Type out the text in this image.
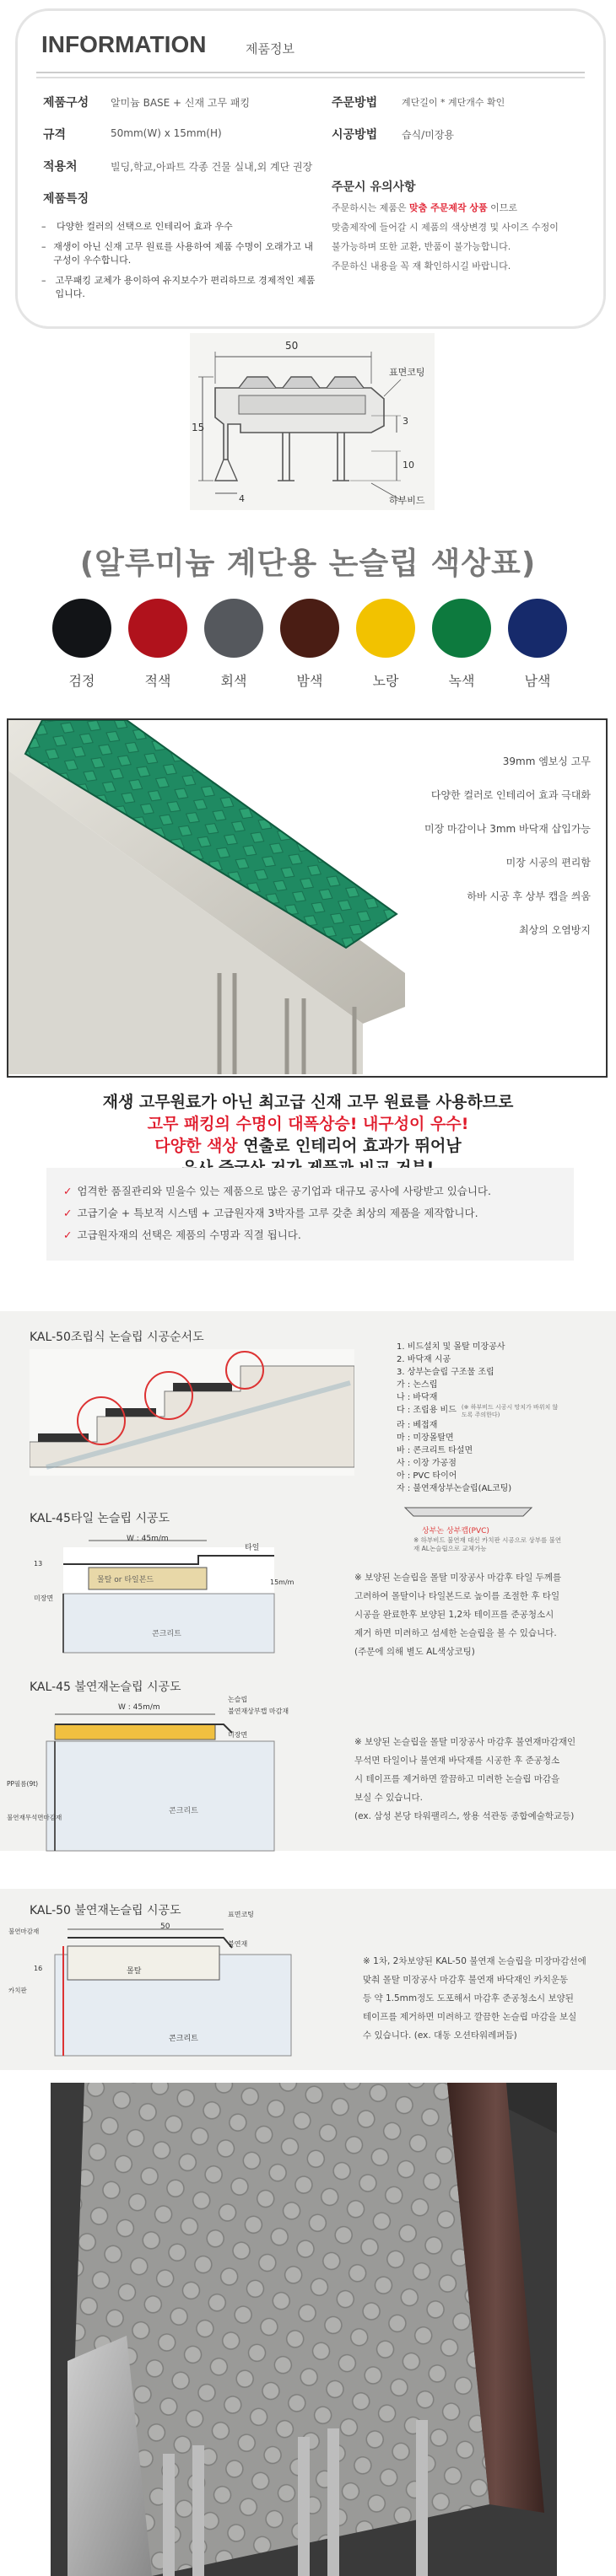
INFORMATION	제품정보
제품구성 알미늄 BASE + 신재 고무 패킹
규격	50mm(W) x 15mm(H)
적용처	빌딩,학교,아파트 각종 건물 실내,외 계단 권장
제품특징
–	다양한 컬러의 선택으로 인테리어 효과 우수
– 재생이 아닌 신재 고무 원료를 사용하여 제품 수명이 오래가고 내구성이 우수합니다.
– 고무패킹 교체가 용이하여 유지보수가 편리하므로 경제적인 제품입니다.
주문방법	계단길이 * 계단개수 확인
시공방법 습식/미장용
주문시 유의사항
주문하시는 제품은 맞춤 주문제작 상품 이므로
맞춤제작에 들어갈 시 제품의 색상변경 및 사이즈 수정이
불가능하며 또한 교환, 반품이 불가능합니다.
주문하신 내용을 꼭 재 확인하시길 바랍니다.
50
15
3
10
4
표면코팅
하부비드
(알루미늄 계단용 논슬립 색상표)
검정	적색	회색	밤색	노랑	녹색	남색
39mm 엠보싱 고무
다양한 컬러로 인테리어 효과 극대화
미장 마감이나 3mm 바닥재 삽입가능
미장 시공의 편리함
하바 시공 후 상부 캡을 씌움
최상의 오염방지
재생 고무원료가 아닌 최고급 신재 고무 원료를 사용하므로
고무 패킹의 수명이 대폭상승! 내구성이 우수!
다양한 색상 연출로 인테리어 효과가 뛰어남
✓ 엄격한 품질관리와 믿을수 있는 제품으로 많은 공기업과 대규모 공사에 사랑받고 있습니다.
✓ 고급기술 + 특보적 시스템 + 고급원자재 3박자를 고루 갖춘 최상의 제품을 제작합니다.
✓ 고급원자재의 선택은 제품의 수명과 직결 됩니다.
KAL-50조립식 논슬립 시공순서도
1. 비드설치 및 몰탈 미장공사
2. 바닥재 시공
3. 상부논슬립 구조물 조립
가 : 논스립
나 : 바닥재
다 : 조립용 비드 (※ 하부비드 시공시 망치가 바위치 않도록 주의한다)
라 : 베접재
마 : 미장몰탈면
바 : 콘크리트 타설면
사 : 이장 가공점
아 : PVC 타이어
자 : 불연재상부논슬립(AL코팅)
상부논 상부캡(PVC)
※ 하부비드 불연재 대신 카치판 시공으로 상부를 불연재 AL논슬립으로 교체가능
KAL-45타일 논슬립 시공도
W : 45m/m
타일
15m/m
몰탈 or 타일본드
콘크리트
미장면
13
※ 보양된 논슬립을 몰탈 미장공사 마감후 타일 두께를
고려하여 몰탈이나 타일본드로 높이를 조절한 후 타일
시공을 완료한후 보양된 1,2차 테이프를 준공청소시
제거 하면 미려하고 섬세한 논슬립을 볼 수 있습니다.
(주문에 의해 별도 AL색상코팅)
KAL-45 불연재논슬립 시공도
W : 45m/m
논슬립
불연재상부캡 마감재
미장면
콘크리트
PP필름(9t)
불연재무석면마감재
※ 보양된 논슬립을 몰탈 미장공사 마감후 불연재마감재인
무석면 타일이나 불연재 바닥재를 시공한 후 준공청소
시 테이프를 제거하면 깔끔하고 미려한 논슬립 마감을
보실 수 있습니다.
(ex. 삼성 본당 타워팰리스, 쌍용 석관동 종합예술학교등)
KAL-50 불연재논슬립 시공도
50
표면코팅
불연마감재
불연재
카치판
몰탈
콘크리트
16
※ 1차, 2차보양된 KAL-50 불연재 논슬립을 미장마감선에
맞춰 몰탈 미장공사 마감후 불연재 바닥재인 카치운동
등 약 1.5mm정도 도포해서 마감후 준공청소시 보양된
테이프를 제거하면 미려하고 깔끔한 논슬립 마감을 보실
수 있습니다. (ex. 대동 오션타워레퍼듬)
